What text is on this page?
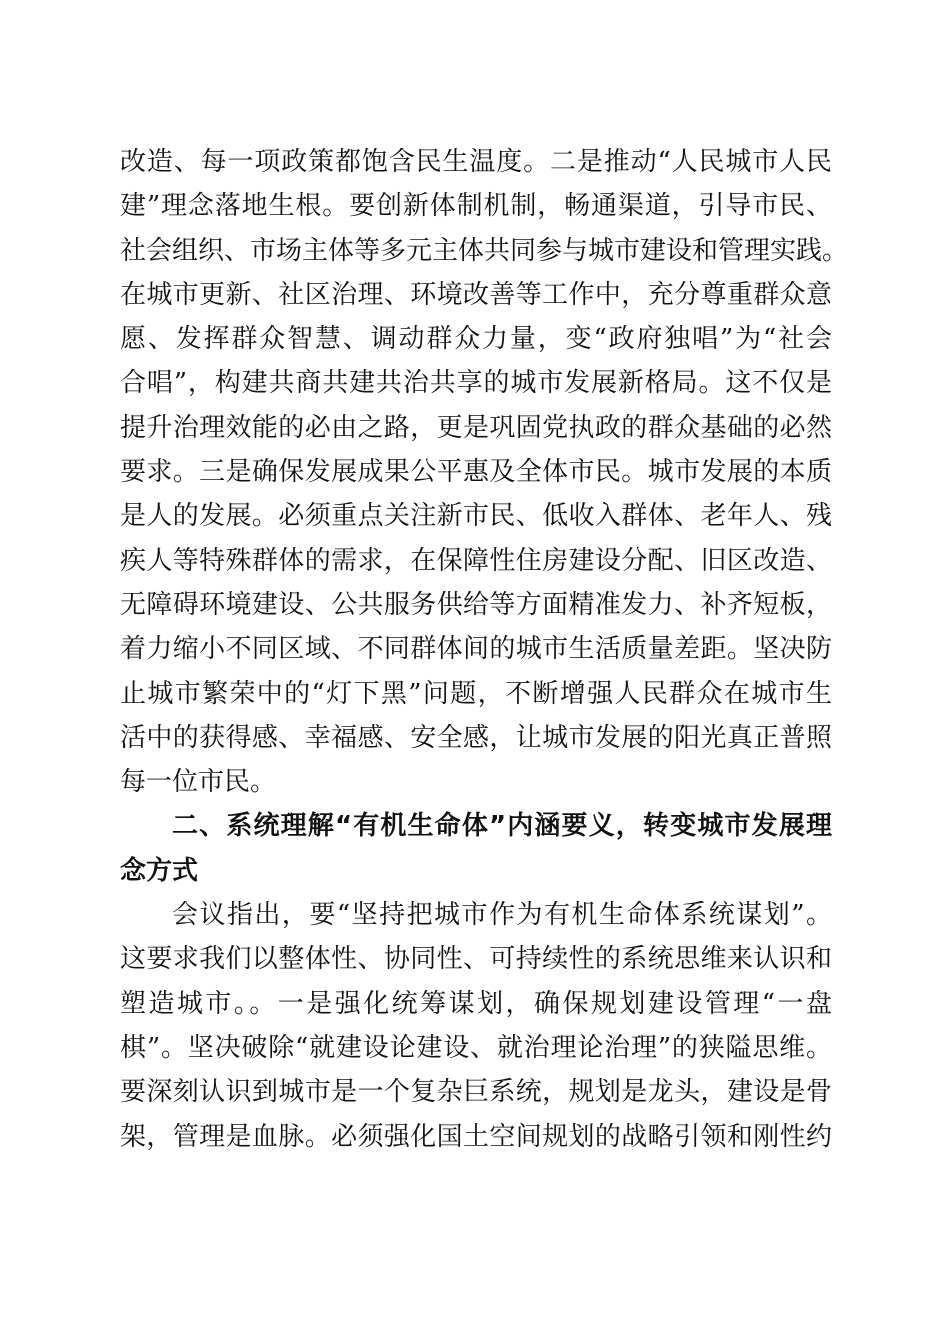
改造、每一项政策都饱含民生温度。二是推动“人民城市人民
建”理念落地生根。要创新体制机制，畅通渠道，引导市民、
社会组织、市场主体等多元主体共同参与城市建设和管理实践。
在城市更新、社区治理、环境改善等工作中，充分尊重群众意
愿、发挥群众智慧、调动群众力量，变“政府独唱”为“社会
合唱”，构建共商共建共治共享的城市发展新格局。这不仅是
提升治理效能的必由之路，更是巩固党执政的群众基础的必然
要求。三是确保发展成果公平惠及全体市民。城市发展的本质
是人的发展。必须重点关注新市民、低收入群体、老年人、残
疾人等特殊群体的需求，在保障性住房建设分配、旧区改造、
无障碍环境建设、公共服务供给等方面精准发力、补齐短板，
着力缩小不同区域、不同群体间的城市生活质量差距。坚决防
止城市繁荣中的“灯下黑”问题，不断增强人民群众在城市生
活中的获得感、幸福感、安全感，让城市发展的阳光真正普照
每一位市民。
二、系统理解“有机生命体”内涵要义，转变城市发展理
念方式
会议指出，要“坚持把城市作为有机生命体系统谋划”。
这要求我们以整体性、协同性、可持续性的系统思维来认识和
塑造城市。。一是强化统筹谋划，确保规划建设管理“一盘
棋”。坚决破除“就建设论建设、就治理论治理”的狭隘思维。
要深刻认识到城市是一个复杂巨系统，规划是龙头，建设是骨
架，管理是血脉。必须强化国土空间规划的战略引领和刚性约
